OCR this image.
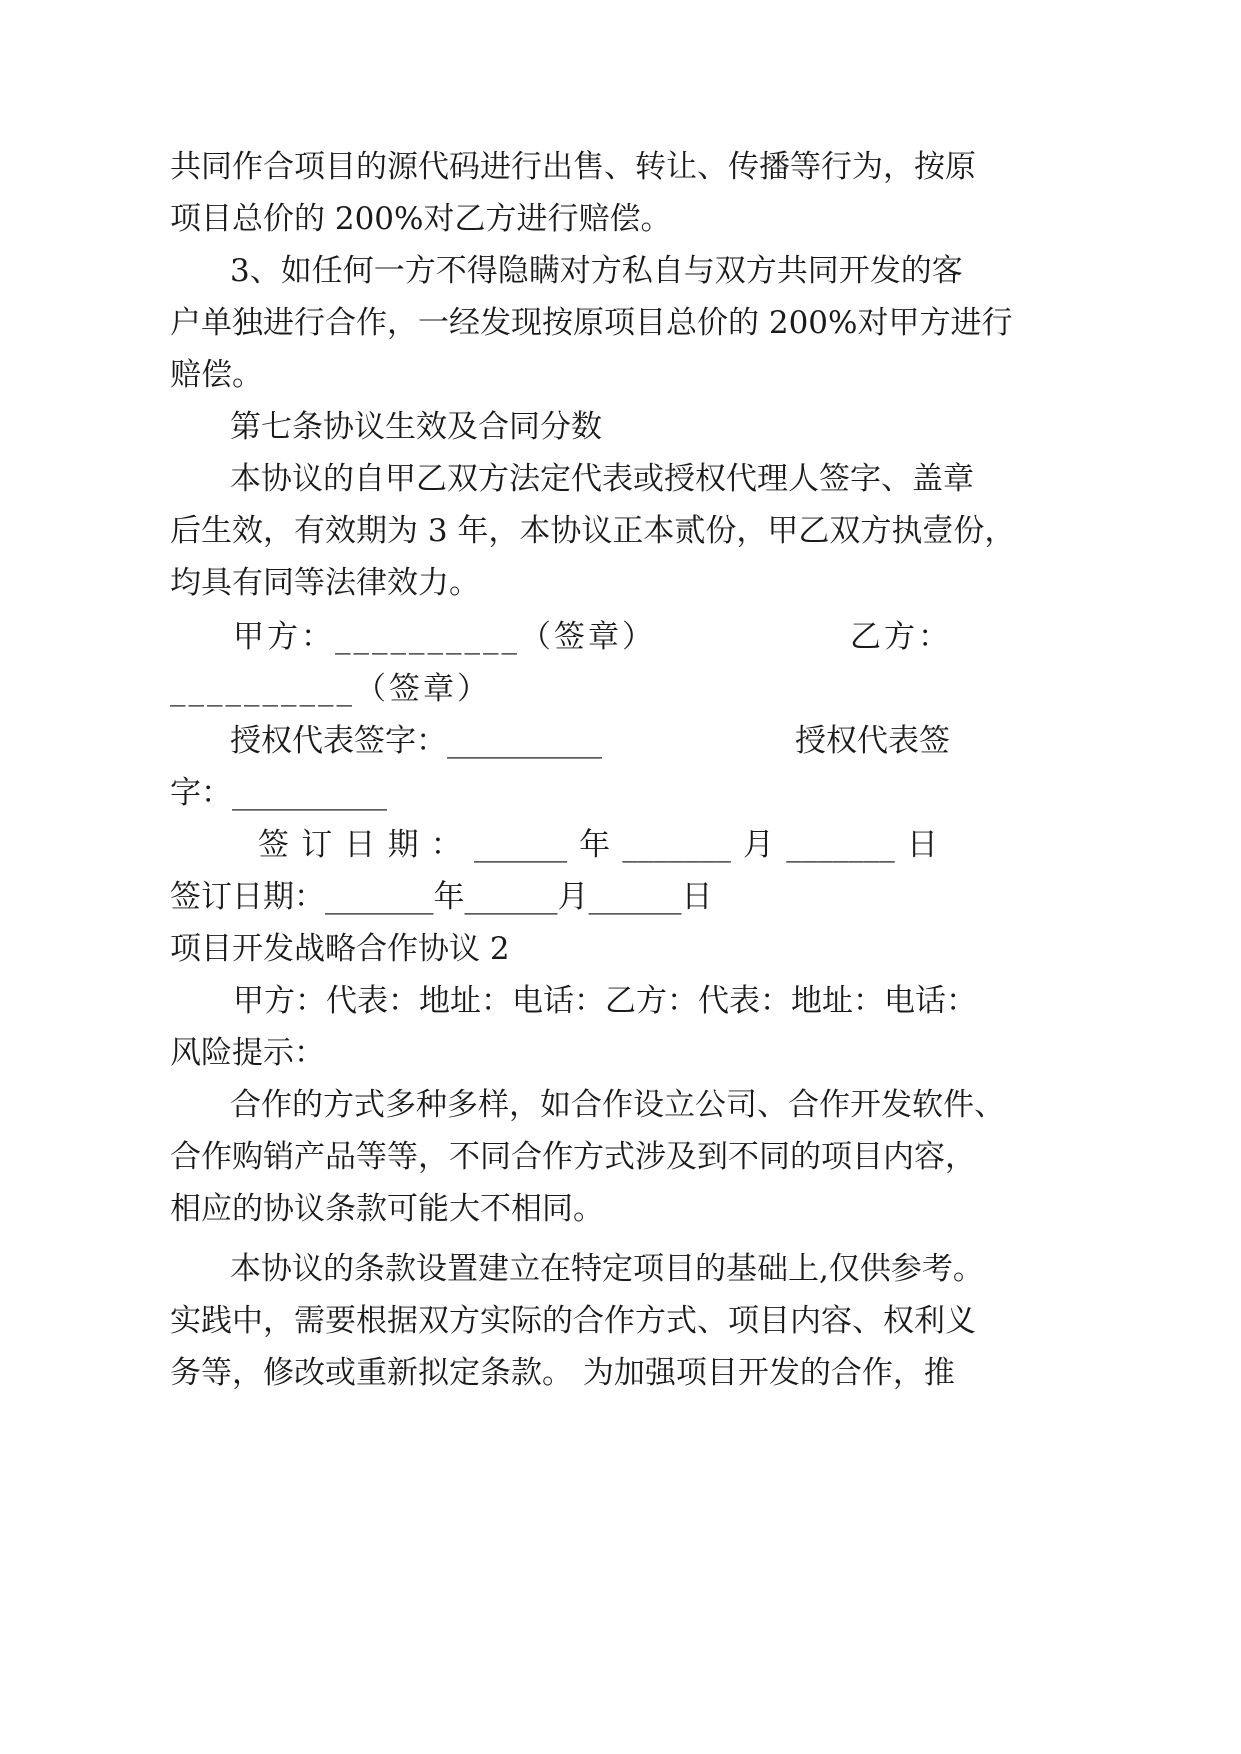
共同作合项目的源代码进行出售、转让、传播等行为，按原
项目总价的 200%对乙方进行赔偿。
3、如任何一方不得隐瞒对方私自与双方共同开发的客
户单独进行合作，一经发现按原项目总价的 200%对甲方进行
赔偿。
第七条协议生效及合同分数
本协议的自甲乙双方法定代表或授权代理人签字、盖章
后生效，有效期为 3 年，本协议正本贰份，甲乙双方执壹份，
均具有同等法律效力。
甲方：__________（签章）	乙方：
__________（签章）
授权代表签字：__________	授权代表签
字：__________
签 订 日 期 ： ______ 年 _______ 月 _______ 日
签订日期：_______年______月______日
项目开发战略合作协议 2
甲方： 代表： 地址： 电话： 乙方： 代表： 地址： 电话：
风险提示：
合作的方式多种多样，如合作设立公司、合作开发软件、
合作购销产品等等，不同合作方式涉及到不同的项目内容，
相应的协议条款可能大不相同。
本协议的条款设置建立在特定项目的基础上,仅供参考。
实践中，需要根据双方实际的合作方式、项目内容、权利义
务等，修改或重新拟定条款。 为加强项目开发的合作，推
